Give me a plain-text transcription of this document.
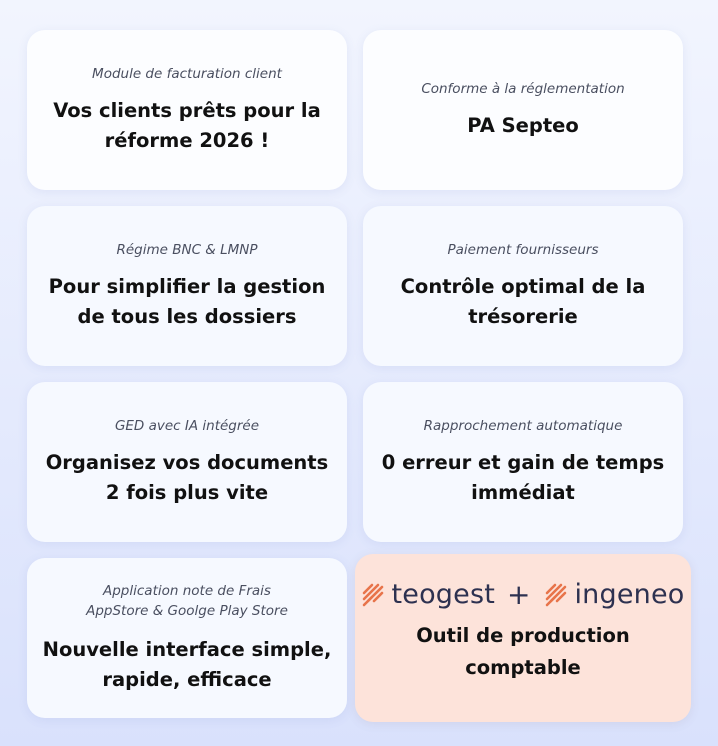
Module de facturation client
Vos clients prêts pour la
réforme 2026 !
Conforme à la réglementation
PA Septeo
Régime BNC & LMNP
Pour simplifier la gestion
de tous les dossiers
Paiement fournisseurs
Contrôle optimal de la
trésorerie
GED avec IA intégrée
Organisez vos documents
2 fois plus vite
Rapprochement automatique
0 erreur et gain de temps
immédiat
Application note de Frais
AppStore & Goolge Play Store
Nouvelle interface simple,
rapide, efficace
teogest + ingeneo
Outil de production
comptable
